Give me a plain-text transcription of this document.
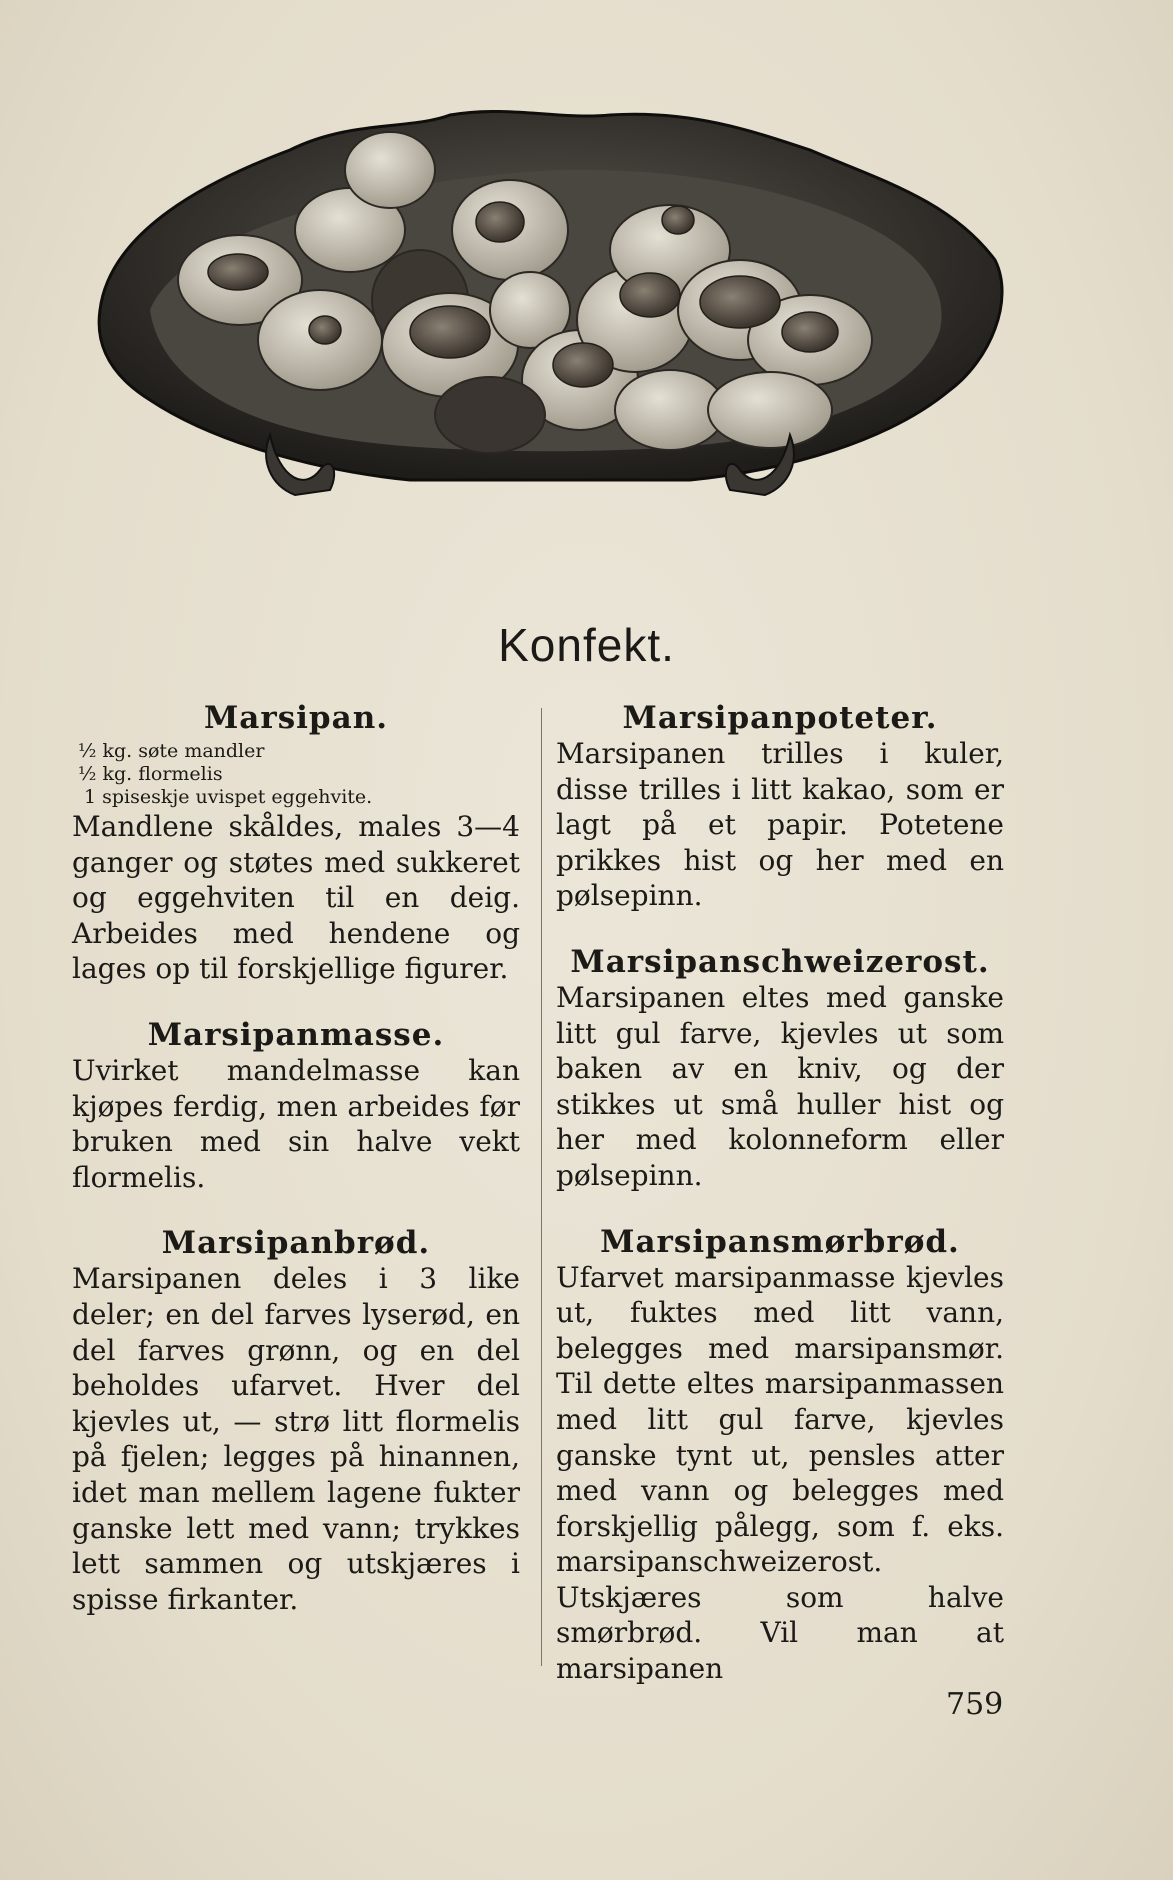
Konfekt.
Marsipan.
½ kg. søte mandler
½ kg. flormelis
1 spiseskje uvispet eggehvite.

Mandlene skåldes, males 3—4 ganger og støtes med sukkeret og eggehviten til en deig. Arbeides med hendene og lages op til forskjellige figurer.

Marsipanmasse.

Uvirket mandelmasse kan kjøpes ferdig, men arbeides før bruken med sin halve vekt flormelis.

Marsipanbrød.

Marsipanen deles i 3 like deler; en del farves lyserød, en del farves grønn, og en del beholdes ufarvet. Hver del kjevles ut, — strø litt flormelis på fjelen; legges på hinannen, idet man mellem lagene fukter ganske lett med vann; trykkes lett sammen og utskjæres i spisse firkanter.

Marsipanpoteter.

Marsipanen trilles i kuler, disse trilles i litt kakao, som er lagt på et papir. Potetene prikkes hist og her med en pølsepinn.

Marsipanschweizerost.

Marsipanen eltes med ganske litt gul farve, kjevles ut som baken av en kniv, og der stikkes ut små huller hist og her med kolonneform eller pølsepinn.

Marsipansmørbrød.

Ufarvet marsipanmasse kjevles ut, fuktes med litt vann, belegges med marsipansmør. Til dette eltes marsipanmassen med litt gul farve, kjevles ganske tynt ut, pensles atter med vann og belegges med forskjellig pålegg, som f. eks. marsipanschweizerost. Utskjæres som halve smørbrød. Vil man at marsipanen

759
